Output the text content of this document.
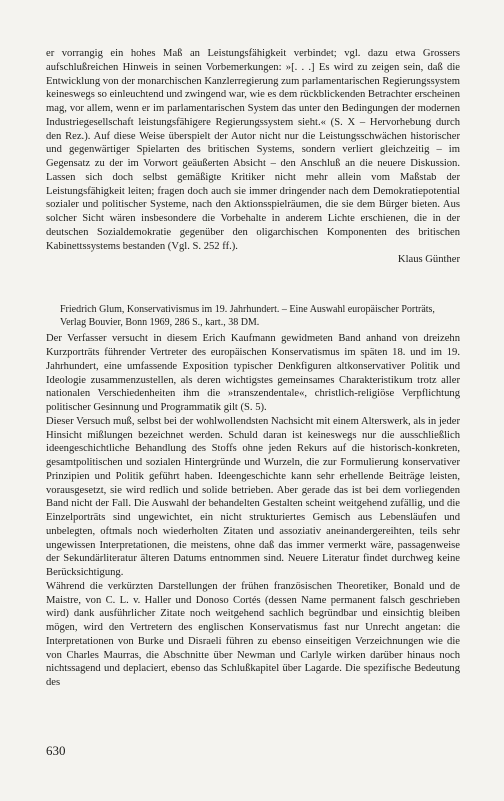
er vorrangig ein hohes Maß an Leistungsfähigkeit verbindet; vgl. dazu etwa Grossers aufschlußreichen Hinweis in seinen Vorbemerkungen: »[. . .] Es wird zu zeigen sein, daß die Entwicklung von der monarchischen Kanzlerregierung zum parlamentarischen Regierungssystem keineswegs so einleuchtend und zwingend war, wie es dem rückblickenden Betrachter erscheinen mag, vor allem, wenn er im parlamentarischen System das unter den Bedingungen der modernen Industriegesellschaft leistungsfähigere Regierungssystem sieht.« (S. X – Hervorhebung durch den Rez.). Auf diese Weise überspielt der Autor nicht nur die Leistungsschwächen historischer und gegenwärtiger Spielarten des britischen Systems, sondern verliert gleichzeitig – im Gegensatz zu der im Vorwort geäußerten Absicht – den Anschluß an die neuere Diskussion. Lassen sich doch selbst gemäßigte Kritiker nicht mehr allein vom Maßstab der Leistungsfähigkeit leiten; fragen doch auch sie immer dringender nach dem Demokratiepotential sozialer und politischer Systeme, nach den Aktionsspielräumen, die sie dem Bürger bieten. Aus solcher Sicht wären insbesondere die Vorbehalte in anderem Lichte erschienen, die in der deutschen Sozialdemokratie gegenüber den oligarchischen Komponenten des britischen Kabinettssystems bestanden (Vgl. S. 252 ff.).

Klaus Günther

Friedrich Glum, Konservativismus im 19. Jahrhundert. – Eine Auswahl europäischer Porträts, Verlag Bouvier, Bonn 1969, 286 S., kart., 38 DM.

Der Verfasser versucht in diesem Erich Kaufmann gewidmeten Band anhand von dreizehn Kurzporträts führender Vertreter des europäischen Konservatismus im späten 18. und im 19. Jahrhundert, eine umfassende Exposition typischer Denkfiguren altkonservativer Politik und Ideologie zusammenzustellen, als deren wichtigstes gemeinsames Charakteristikum trotz aller nationalen Verschiedenheiten ihm die »transzendentale«, christlich-religiöse Verpflichtung politischer Gesinnung und Programmatik gilt (S. 5).

Dieser Versuch muß, selbst bei der wohlwollendsten Nachsicht mit einem Alterswerk, als in jeder Hinsicht mißlungen bezeichnet werden. Schuld daran ist keineswegs nur die ausschließlich ideengeschichtliche Behandlung des Stoffs ohne jeden Rekurs auf die historisch-konkreten, gesamtpolitischen und sozialen Hintergründe und Wurzeln, die zur Formulierung konservativer Prinzipien und Politik geführt haben. Ideengeschichte kann sehr erhellende Beiträge leisten, vorausgesetzt, sie wird redlich und solide betrieben. Aber gerade das ist bei dem vorliegenden Band nicht der Fall. Die Auswahl der behandelten Gestalten scheint weitgehend zufällig, und die Einzelporträts sind ungewichtet, ein nicht strukturiertes Gemisch aus Lebensläufen und unbelegten, oftmals noch wiederholten Zitaten und assoziativ aneinandergereihten, teils sehr ungewissen Interpretationen, die meistens, ohne daß das immer vermerkt wäre, passagenweise der Sekundärliteratur älteren Datums entnommen sind. Neuere Literatur findet durchweg keine Berücksichtigung.

Während die verkürzten Darstellungen der frühen französischen Theoretiker, Bonald und de Maistre, von C. L. v. Haller und Donoso Cortés (dessen Name permanent falsch geschrieben wird) dank ausführlicher Zitate noch weitgehend sachlich begründbar und einsichtig bleiben mögen, wird den Vertretern des englischen Konservatismus fast nur Unrecht angetan: die Interpretationen von Burke und Disraeli führen zu ebenso einseitigen Verzeichnungen wie die von Charles Maurras, die Abschnitte über Newman und Carlyle wirken darüber hinaus noch nichtssagend und deplaciert, ebenso das Schlußkapitel über Lagarde. Die spezifische Bedeutung des

630
